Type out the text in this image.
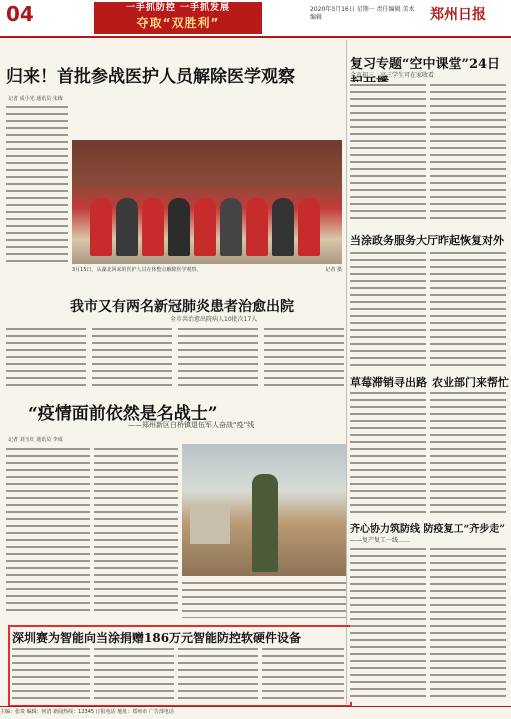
04	一手抓防控 一手抓发展
夺取“双胜利”
2020年3月16日 星期一 责任编辑 美术编辑	郑州日报
归来！首批参战医护人员解除医学观察
记者 成小光 通讯员 朱梅
3月15日，从湖北回来的医护人员在休整点解除医学观察。	记者 摄
我市又有两名新冠肺炎患者治愈出院
全市共治愈出院病人10批次17人
“疫情面前依然是名战士”
——郑州新区白桥镇退伍军人奋战“疫”线
记者 刘玉红 通讯员 李成
深圳赛为智能向当涂捐赠186万元智能防控软硬件设备
复习专题“空中课堂”24日
全市初三、高三学生可在家收看
当涂政务服务大厅昨起恢复对外
草莓滞销寻出路 农业部门来帮忙
齐心协力筑防线 防疫复工“齐步走”
——复产复工一线……
主编：张贵 编辑：何清 新闻热线：12345 订报电话 地址：郑州市 广告部电话
